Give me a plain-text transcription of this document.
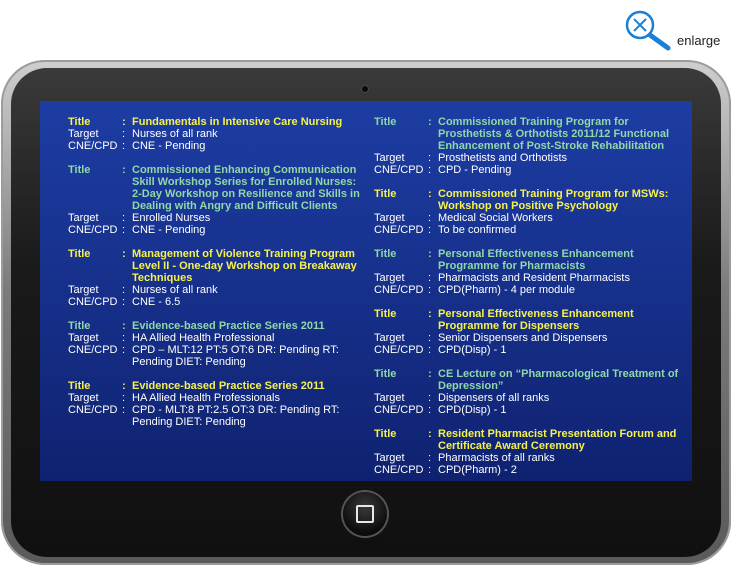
enlarge
Title	: Fundamentals in Intensive Care Nursing
Target	: Nurses of all rank
CNE/CPD : CNE - Pending
Title	: Commissioned Enhancing Communication Skill Workshop Series for Enrolled Nurses: 2-Day Workshop on Resilience and Skills in Dealing with Angry and Difficult Clients
Target	: Enrolled Nurses
CNE/CPD : CNE - Pending
Title	: Management of Violence Training Program Level II - One-day Workshop on Breakaway Techniques
Target	: Nurses of all rank
CNE/CPD : CNE - 6.5
Title	: Evidence-based Practice Series 2011
Target	: HA Allied Health Professional
CNE/CPD : CPD – MLT:12 PT:5 OT:6 DR: Pending RT: Pending DIET: Pending
Title	: Evidence-based Practice Series 2011
Target	: HA Allied Health Professionals
CNE/CPD : CPD - MLT:8 PT:2.5 OT:3 DR: Pending RT: Pending DIET: Pending
Title	: Commissioned Training Program for Prosthetists & Orthotists 2011/12 Functional Enhancement of Post-Stroke Rehabilitation
Target	: Prosthetists and Orthotists
CNE/CPD : CPD - Pending
Title	: Commissioned Training Program for MSWs: Workshop on Positive Psychology
Target	: Medical Social Workers
CNE/CPD : To be confirmed
Title	: Personal Effectiveness Enhancement Programme for Pharmacists
Target	: Pharmacists and Resident Pharmacists
CNE/CPD : CPD(Pharm) - 4 per module
Title	: Personal Effectiveness Enhancement Programme for Dispensers
Target	: Senior Dispensers and Dispensers
CNE/CPD : CPD(Disp) - 1
Title	: CE Lecture on “Pharmacological Treatment of Depression”
Target	: Dispensers of all ranks
CNE/CPD : CPD(Disp) - 1
Title	: Resident Pharmacist Presentation Forum and Certificate Award Ceremony
Target	: Pharmacists of all ranks
CNE/CPD : CPD(Pharm) - 2
